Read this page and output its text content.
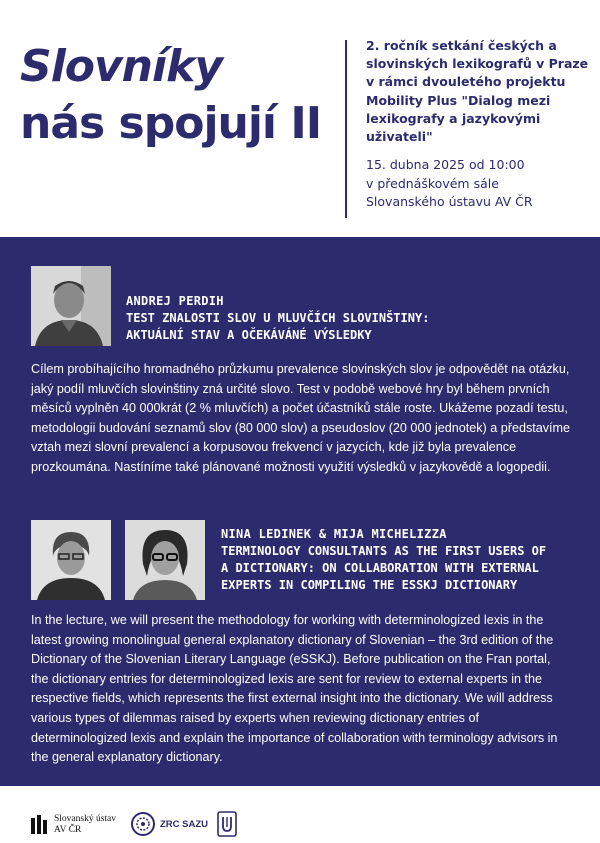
Slovníky
nás spojují II
2. ročník setkání českých a slovinských lexikografů v Praze v rámci dvouletého projektu Mobility Plus "Dialog mezi lexikografy a jazykovými uživateli"
15. dubna 2025 od 10:00
v přednáškovém sále
Slovanského ústavu AV ČR
ANDREJ PERDIH
TEST ZNALOSTI SLOV U MLUVČÍCH SLOVINŠTINY:
AKTUÁLNÍ STAV A OČEKÁVÁNÉ VÝSLEDKY
Cílem probíhajícího hromadného průzkumu prevalence slovinských slov je odpovědět na otázku, jaký podíl mluvčích slovinštiny zná určité slovo. Test v podobě webové hry byl během prvních měsíců vyplněn 40 000krát (2 % mluvčích) a počet účastníků stále roste. Ukážeme pozadí testu, metodologii budování seznamů slov (80 000 slov) a pseudoslov (20 000 jednotek) a představíme vztah mezi slovní prevalencí a korpusovou frekvencí v jazycích, kde již byla prevalence prozkoumána. Nastíníme také plánované možnosti využití výsledků v jazykovědě a logopedii.
NINA LEDINEK & MIJA MICHELIZZA
TERMINOLOGY CONSULTANTS AS THE FIRST USERS OF
A DICTIONARY: ON COLLABORATION WITH EXTERNAL
EXPERTS IN COMPILING THE ESSKJ DICTIONARY
In the lecture, we will present the methodology for working with determinologized lexis in the latest growing monolingual general explanatory dictionary of Slovenian – the 3rd edition of the Dictionary of the Slovenian Literary Language (eSSKJ). Before publication on the Fran portal, the dictionary entries for determinologized lexis are sent for review to external experts in the respective fields, which represents the first external insight into the dictionary. We will address various types of dilemmas raised by experts when reviewing dictionary entries of determinologized lexis and explain the importance of collaboration with terminology advisors in the general explanatory dictionary.
Slovanský ústav
AV ČR	ZRC SAZU
